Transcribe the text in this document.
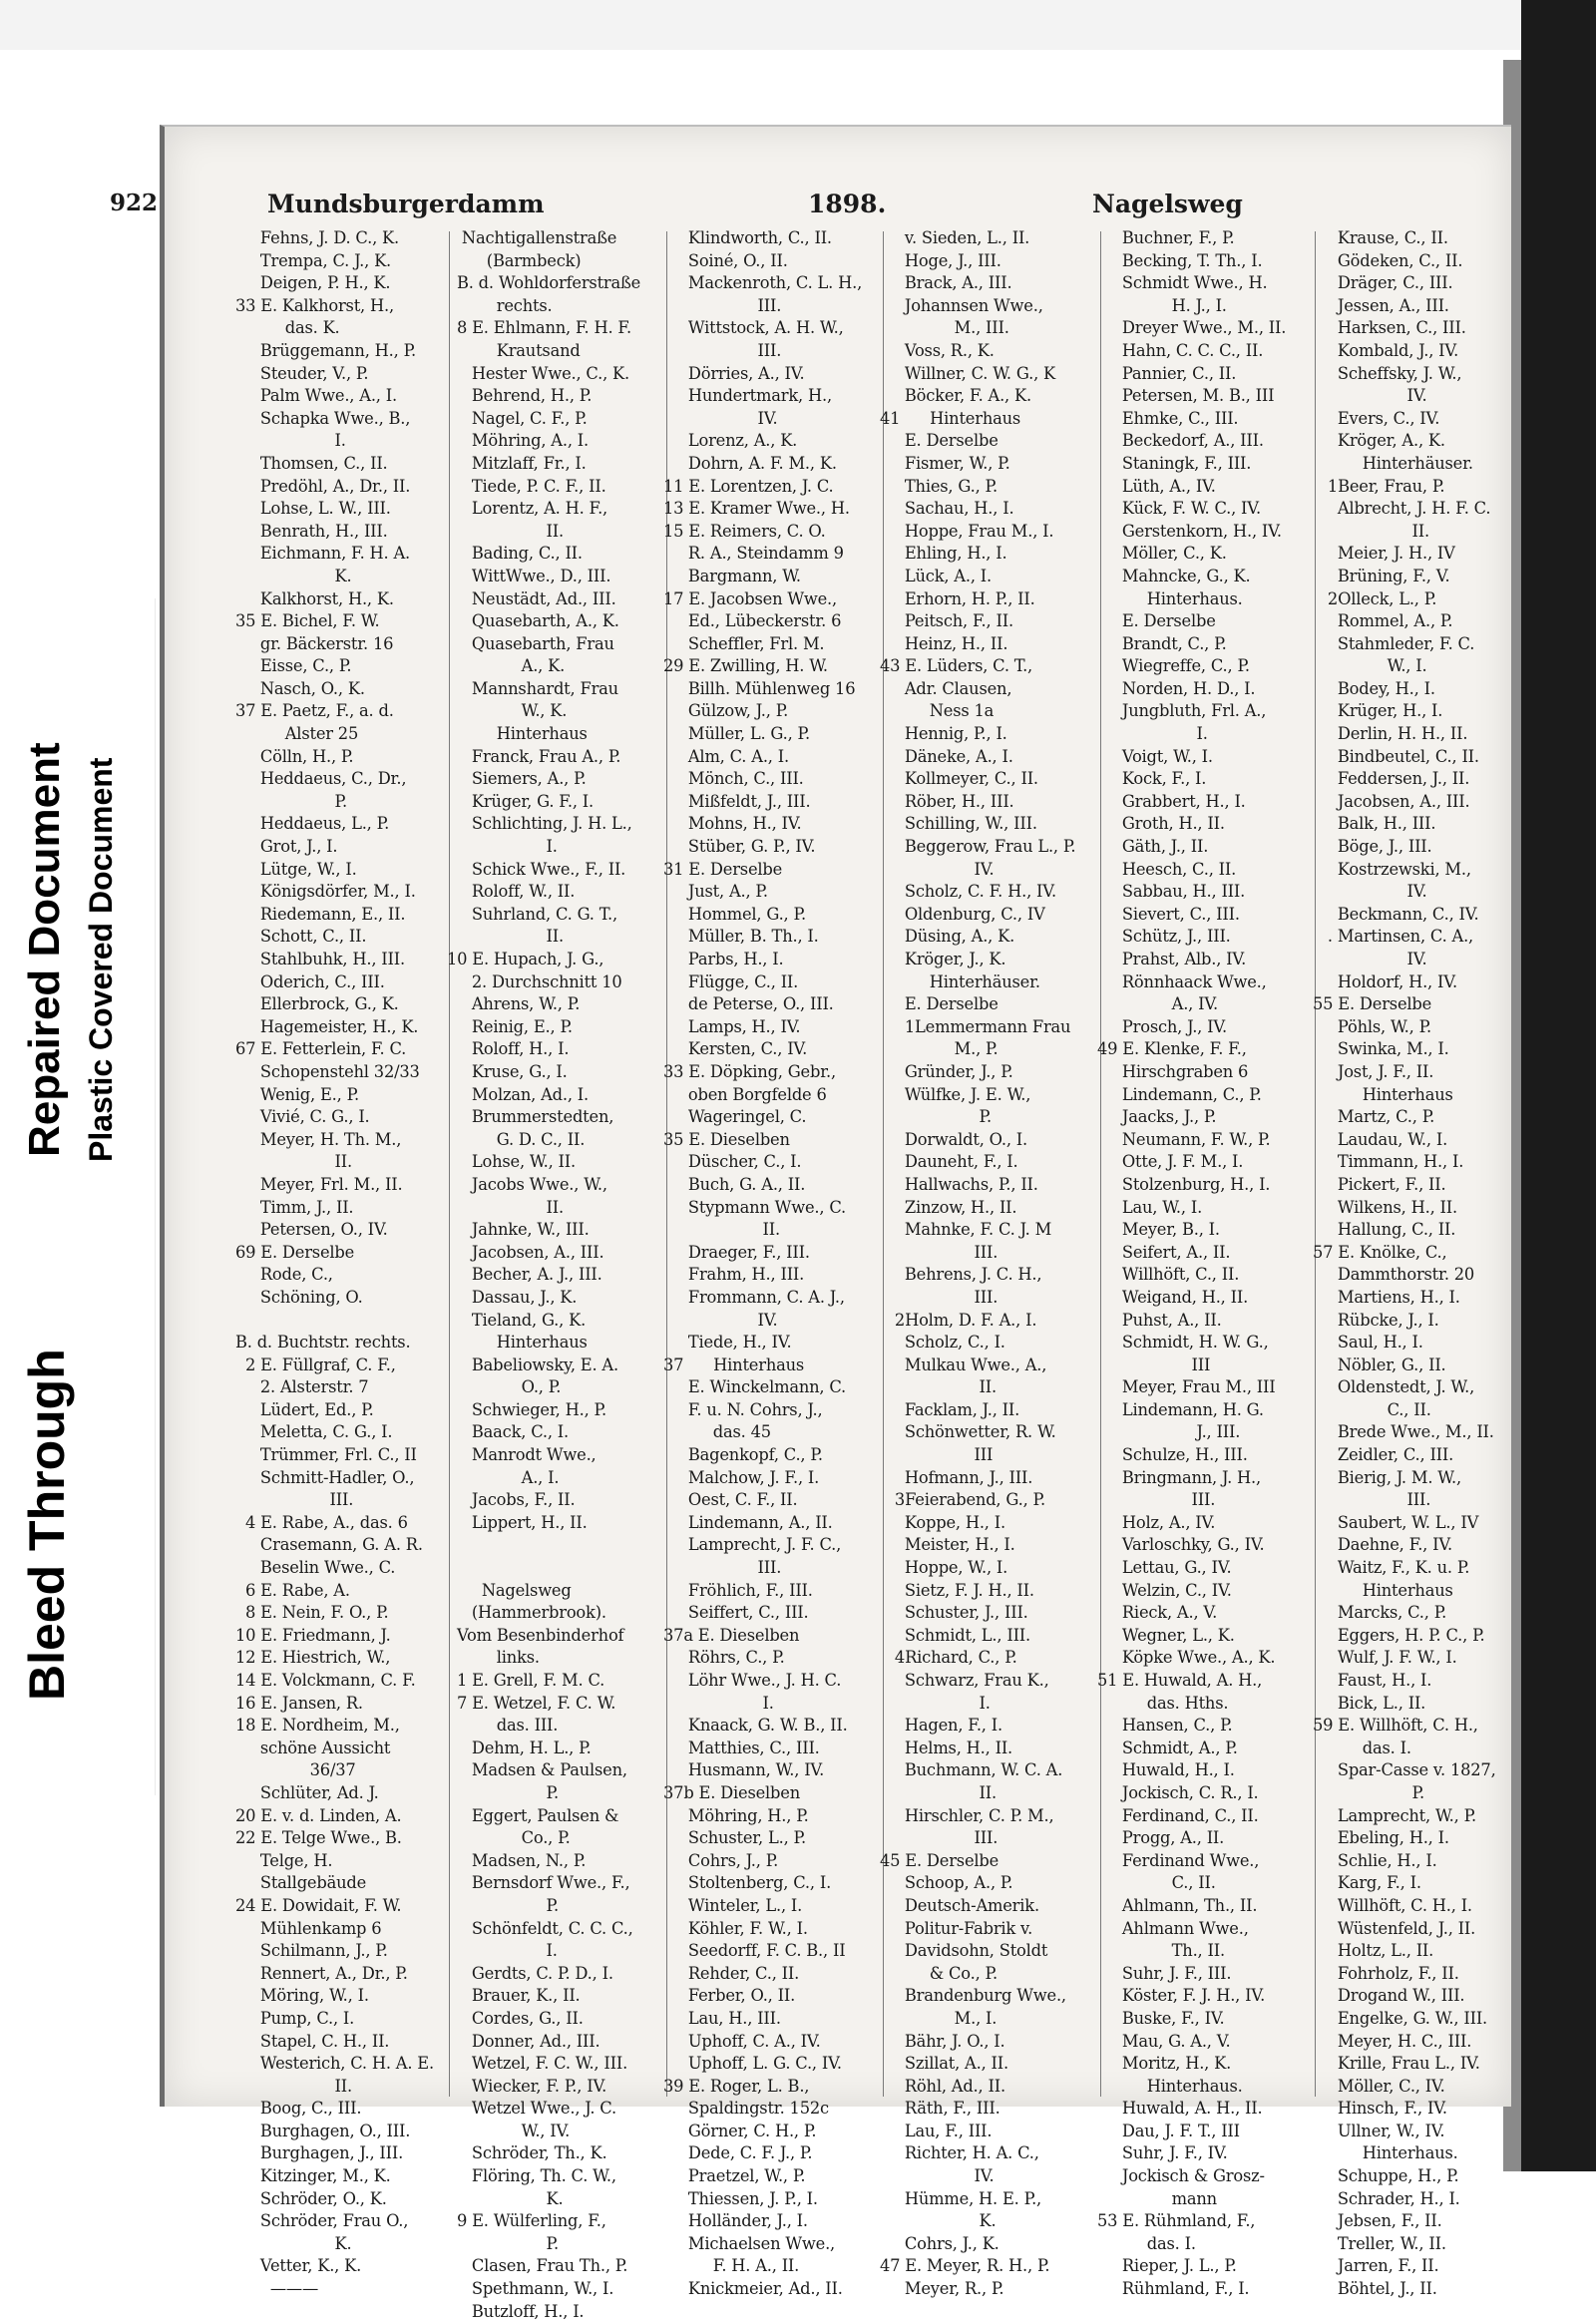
Bleed Through
Repaired Document Plastic Covered Document
922	Mundsburgerdamm	1898.	Nagelsweg
Fehns, J. D. C., K.
Trempa, C. J., K.
Deigen, P. H., K.
33 E. Kalkhorst, H.,
das. K.
Brüggemann, H., P.
Steuder, V., P.
Palm Wwe., A., I.
Schapka Wwe., B.,
I.
Thomsen, C., II.
Predöhl, A., Dr., II.
Lohse, L. W., III.
Benrath, H., III.
Eichmann, F. H. A.
K.
Kalkhorst, H., K.
35 E. Bichel, F. W.
gr. Bäckerstr. 16
Eisse, C., P.
Nasch, O., K.
37 E. Paetz, F., a. d.
Alster 25
Cölln, H., P.
Heddaeus, C., Dr.,
P.
Heddaeus, L., P.
Grot, J., I.
Lütge, W., I.
Königsdörfer, M., I.
Riedemann, E., II.
Schott, C., II.
Stahlbuhk, H., III.
Oderich, C., III.
Ellerbrock, G., K.
Hagemeister, H., K.
67 E. Fetterlein, F. C.
Schopenstehl 32/33
Wenig, E., P.
Vivié, C. G., I.
Meyer, H. Th. M.,
II.
Meyer, Frl. M., II.
Timm, J., II.
Petersen, O., IV.
69 E. Derselbe
Rode, C.,
Schöning, O.
B. d. Buchtstr. rechts.
2 E. Füllgraf, C. F.,
2. Alsterstr. 7
Lüdert, Ed., P.
Meletta, C. G., I.
Trümmer, Frl. C., II
Schmitt-Hadler, O.,
III.
4 E. Rabe, A., das. 6
Crasemann, G. A. R.
Beselin Wwe., C.
6 E. Rabe, A.
8 E. Nein, F. O., P.
10 E. Friedmann, J.
12 E. Hiestrich, W.,
14 E. Volckmann, C. F.
16 E. Jansen, R.
18 E. Nordheim, M.,
schöne Aussicht
36/37
Schlüter, Ad. J.
20 E. v. d. Linden, A.
22 E. Telge Wwe., B.
Telge, H.
Stallgebäude
24 E. Dowidait, F. W.
Mühlenkamp 6
Schilmann, J., P.
Rennert, A., Dr., P.
Möring, W., I.
Pump, C., I.
Stapel, C. H., II.
Westerich, C. H. A. E.
II.
Boog, C., III.
Burghagen, O., III.
Burghagen, J., III.
Kitzinger, M., K.
Schröder, O., K.
Schröder, Frau O.,
K.
Vetter, K., K.
———
Nachtigallenstraße
(Barmbeck)
B. d. Wohldorferstraße
rechts.
8 E. Ehlmann, F. H. F.
Krautsand
Hester Wwe., C., K.
Behrend, H., P.
Nagel, C. F., P.
Möhring, A., I.
Mitzlaff, Fr., I.
Tiede, P. C. F., II.
Lorentz, A. H. F.,
II.
Bading, C., II.
WittWwe., D., III.
Neustädt, Ad., III.
Quasebarth, A., K.
Quasebarth, Frau
A., K.
Mannshardt, Frau
W., K.
Hinterhaus
Franck, Frau A., P.
Siemers, A., P.
Krüger, G. F., I.
Schlichting, J. H. L.,
I.
Schick Wwe., F., II.
Roloff, W., II.
Suhrland, C. G. T.,
II.
10 E. Hupach, J. G.,
2. Durchschnitt 10
Ahrens, W., P.
Reinig, E., P.
Roloff, H., I.
Kruse, G., I.
Molzan, Ad., I.
Brummerstedten,
G. D. C., II.
Lohse, W., II.
Jacobs Wwe., W.,
II.
Jahnke, W., III.
Jacobsen, A., III.
Becher, A. J., III.
Dassau, J., K.
Tieland, G., K.
Hinterhaus
Babeliowsky, E. A.
O., P.
Schwieger, H., P.
Baack, C., I.
Manrodt Wwe.,
A., I.
Jacobs, F., II.
Lippert, H., II.
Nagelsweg
(Hammerbrook).
Vom Besenbinderhof
links.
1 E. Grell, F. M. C.
7 E. Wetzel, F. C. W.
das. III.
Dehm, H. L., P.
Madsen & Paulsen,
P.
Eggert, Paulsen &
Co., P.
Madsen, N., P.
Bernsdorf Wwe., F.,
P.
Schönfeldt, C. C. C.,
I.
Gerdts, C. P. D., I.
Brauer, K., II.
Cordes, G., II.
Donner, Ad., III.
Wetzel, F. C. W., III.
Wiecker, F. P., IV.
Wetzel Wwe., J. C.
W., IV.
Schröder, Th., K.
Flöring, Th. C. W.,
K.
9 E. Wülferling, F.,
P.
Clasen, Frau Th., P.
Spethmann, W., I.
Butzloff, H., I.
Klindworth, C., II.
Soiné, O., II.
Mackenroth, C. L. H.,
III.
Wittstock, A. H. W.,
III.
Dörries, A., IV.
Hundertmark, H.,
IV.
Lorenz, A., K.
Dohrn, A. F. M., K.
11 E. Lorentzen, J. C.
13 E. Kramer Wwe., H.
15 E. Reimers, C. O.
R. A., Steindamm 9
Bargmann, W.
17 E. Jacobsen Wwe.,
Ed., Lübeckerstr. 6
Scheffler, Frl. M.
29 E. Zwilling, H. W.
Billh. Mühlenweg 16
Gülzow, J., P.
Müller, L. G., P.
Alm, C. A., I.
Mönch, C., III.
Mißfeldt, J., III.
Mohns, H., IV.
Stüber, G. P., IV.
31 E. Derselbe
Just, A., P.
Hommel, G., P.
Müller, B. Th., I.
Parbs, H., I.
Flügge, C., II.
de Peterse, O., III.
Lamps, H., IV.
Kersten, C., IV.
33 E. Döpking, Gebr.,
oben Borgfelde 6
Wageringel, C.
35 E. Dieselben
Düscher, C., I.
Buch, G. A., II.
Stypmann Wwe., C.
II.
Draeger, F., III.
Frahm, H., III.
Frommann, C. A. J.,
IV.
Tiede, H., IV.
37      Hinterhaus
E. Winckelmann, C.
F. u. N. Cohrs, J.,
das. 45
Bagenkopf, C., P.
Malchow, J. F., I.
Oest, C. F., II.
Lindemann, A., II.
Lamprecht, J. F. C.,
III.
Fröhlich, F., III.
Seiffert, C., III.
37a E. Dieselben
Röhrs, C., P.
Löhr Wwe., J. H. C.
I.
Knaack, G. W. B., II.
Matthies, C., III.
Husmann, W., IV.
37b E. Dieselben
Möhring, H., P.
Schuster, L., P.
Cohrs, J., P.
Stoltenberg, C., I.
Winteler, L., I.
Köhler, F. W., I.
Seedorff, F. C. B., II
Rehder, C., II.
Ferber, O., II.
Lau, H., III.
Uphoff, C. A., IV.
Uphoff, L. G. C., IV.
39 E. Roger, L. B.,
Spaldingstr. 152c
Görner, C. H., P.
Dede, C. F. J., P.
Praetzel, W., P.
Thiessen, J. P., I.
Holländer, J., I.
Michaelsen Wwe.,
F. H. A., II.
Knickmeier, Ad., II.
v. Sieden, L., II.
Hoge, J., III.
Brack, A., III.
Johannsen Wwe.,
M., III.
Voss, R., K.
Willner, C. W. G., K
Böcker, F. A., K.
41      Hinterhaus
E. Derselbe
Fismer, W., P.
Thies, G., P.
Sachau, H., I.
Hoppe, Frau M., I.
Ehling, H., I.
Lück, A., I.
Erhorn, H. P., II.
Peitsch, F., II.
Heinz, H., II.
43 E. Lüders, C. T.,
Adr. Clausen,
Ness 1a
Hennig, P., I.
Däneke, A., I.
Kollmeyer, C., II.
Röber, H., III.
Schilling, W., III.
Beggerow, Frau L., P.
IV.
Scholz, C. F. H., IV.
Oldenburg, C., IV
Düsing, A., K.
Kröger, J., K.
Hinterhäuser.
E. Derselbe
1Lemmermann Frau
M., P.
Gründer, J., P.
Wülfke, J. E. W.,
P.
Dorwaldt, O., I.
Dauneht, F., I.
Hallwachs, P., II.
Zinzow, H., II.
Mahnke, F. C. J. M
III.
Behrens, J. C. H.,
III.
2Holm, D. F. A., I.
Scholz, C., I.
Mulkau Wwe., A.,
II.
Facklam, J., II.
Schönwetter, R. W.
III
Hofmann, J., III.
3Feierabend, G., P.
Koppe, H., I.
Meister, H., I.
Hoppe, W., I.
Sietz, F. J. H., II.
Schuster, J., III.
Schmidt, L., III.
4Richard, C., P.
Schwarz, Frau K.,
I.
Hagen, F., I.
Helms, H., II.
Buchmann, W. C. A.
II.
Hirschler, C. P. M.,
III.
45 E. Derselbe
Schoop, A., P.
Deutsch-Amerik.
Politur-Fabrik v.
Davidsohn, Stoldt
& Co., P.
Brandenburg Wwe.,
M., I.
Bähr, J. O., I.
Szillat, A., II.
Röhl, Ad., II.
Räth, F., III.
Lau, F., III.
Richter, H. A. C.,
IV.
Hümme, H. E. P.,
K.
Cohrs, J., K.
47 E. Meyer, R. H., P.
Meyer, R., P.
Buchner, F., P.
Becking, T. Th., I.
Schmidt Wwe., H.
H. J., I.
Dreyer Wwe., M., II.
Hahn, C. C. C., II.
Pannier, C., II.
Petersen, M. B., III
Ehmke, C., III.
Beckedorf, A., III.
Staningk, F., III.
Lüth, A., IV.
Kück, F. W. C., IV.
Gerstenkorn, H., IV.
Möller, C., K.
Mahncke, G., K.
Hinterhaus.
E. Derselbe
Brandt, C., P.
Wiegreffe, C., P.
Norden, H. D., I.
Jungbluth, Frl. A.,
I.
Voigt, W., I.
Kock, F., I.
Grabbert, H., I.
Groth, H., II.
Gäth, J., II.
Heesch, C., II.
Sabbau, H., III.
Sievert, C., III.
Schütz, J., III.
Prahst, Alb., IV.
Rönnhaack Wwe.,
A., IV.
Prosch, J., IV.
49 E. Klenke, F. F.,
Hirschgraben 6
Lindemann, C., P.
Jaacks, J., P.
Neumann, F. W., P.
Otte, J. F. M., I.
Stolzenburg, H., I.
Lau, W., I.
Meyer, B., I.
Seifert, A., II.
Willhöft, C., II.
Weigand, H., II.
Puhst, A., II.
Schmidt, H. W. G.,
III
Meyer, Frau M., III
Lindemann, H. G.
J., III.
Schulze, H., III.
Bringmann, J. H.,
III.
Holz, A., IV.
Varloschky, G., IV.
Lettau, G., IV.
Welzin, C., IV.
Rieck, A., V.
Wegner, L., K.
Köpke Wwe., A., K.
51 E. Huwald, A. H.,
das. Hths.
Hansen, C., P.
Schmidt, A., P.
Huwald, H., I.
Jockisch, C. R., I.
Ferdinand, C., II.
Progg, A., II.
Ferdinand Wwe.,
C., II.
Ahlmann, Th., II.
Ahlmann Wwe.,
Th., II.
Suhr, J. F., III.
Köster, F. J. H., IV.
Buske, F., IV.
Mau, G. A., V.
Moritz, H., K.
Hinterhaus.
Huwald, A. H., II.
Dau, J. F. T., III
Suhr, J. F., IV.
Jockisch & Grosz-
mann
53 E. Rühmland, F.,
das. I.
Rieper, J. L., P.
Rühmland, F., I.
Krause, C., II.
Gödeken, C., II.
Dräger, C., III.
Jessen, A., III.
Harksen, C., III.
Kombald, J., IV.
Scheffsky, J. W.,
IV.
Evers, C., IV.
Kröger, A., K.
Hinterhäuser.
1Beer, Frau, P.
Albrecht, J. H. F. C.
II.
Meier, J. H., IV
Brüning, F., V.
2Olleck, L., P.
Rommel, A., P.
Stahmleder, F. C.
W., I.
Bodey, H., I.
Krüger, H., I.
Derlin, H. H., II.
Bindbeutel, C., II.
Feddersen, J., II.
Jacobsen, A., III.
Balk, H., III.
Böge, J., III.
Kostrzewski, M.,
IV.
Beckmann, C., IV.
. Martinsen, C. A.,
IV.
Holdorf, H., IV.
55 E. Derselbe
Pöhls, W., P.
Swinka, M., I.
Jost, J. F., II.
Hinterhaus
Martz, C., P.
Laudau, W., I.
Timmann, H., I.
Pickert, F., II.
Wilkens, H., II.
Hallung, C., II.
57 E. Knölke, C.,
Dammthorstr. 20
Martiens, H., I.
Rübcke, J., I.
Saul, H., I.
Nöbler, G., II.
Oldenstedt, J. W.,
C., II.
Brede Wwe., M., II.
Zeidler, C., III.
Bierig, J. M. W.,
III.
Saubert, W. L., IV
Daehne, F., IV.
Waitz, F., K. u. P.
Hinterhaus
Marcks, C., P.
Eggers, H. P. C., P.
Wulf, J. F. W., I.
Faust, H., I.
Bick, L., II.
59 E. Willhöft, C. H.,
das. I.
Spar-Casse v. 1827,
P.
Lamprecht, W., P.
Ebeling, H., I.
Schlie, H., I.
Karg, F., I.
Willhöft, C. H., I.
Wüstenfeld, J., II.
Holtz, L., II.
Fohrholz, F., II.
Drogand W., III.
Engelke, G. W., III.
Meyer, H. C., III.
Krille, Frau L., IV.
Möller, C., IV.
Hinsch, F., IV.
Ullner, W., IV.
Hinterhaus.
Schuppe, H., P.
Schrader, H., I.
Jebsen, F., II.
Treller, W., II.
Jarren, F., II.
Böhtel, J., II.
